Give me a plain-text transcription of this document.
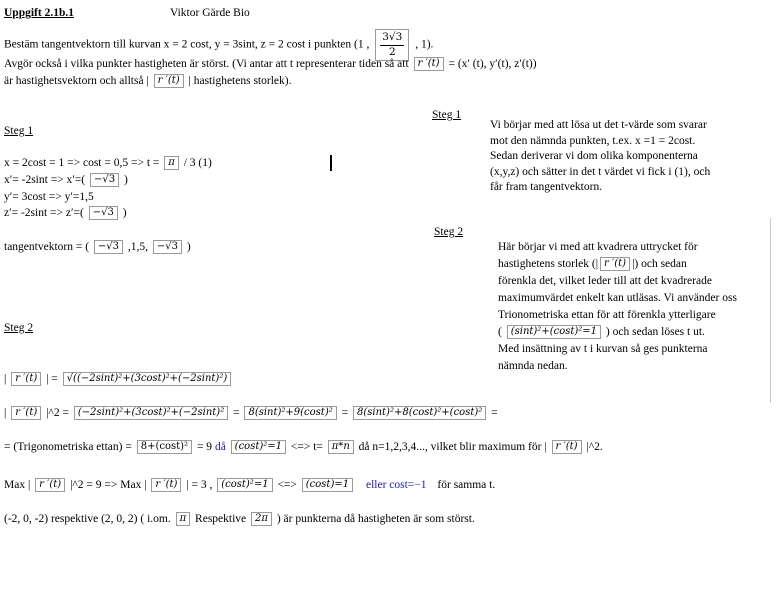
Uppgift 2.1b.1	Viktor Gärde Bio
Bestäm tangentvektorn till kurvan x = 2 cost, y = 3sint, z = 2 cost i punkten (1 , $\frac{3√3}{2}$ , 1).
Avgör också i vilka punkter hastigheten är störst. (Vi antar att t representerar tiden så att r ′(t) = (x′ (t), y′(t), z′(t))
är hastighetsvektorn och alltså | r ′(t) | hastighetens storlek).
Steg 1
x = 2cost = 1 => cost = 0,5 => t = π / 3 (1)
x′= -2sint => x′=( −√3 )
y′= 3cost => y′=1,5
z′= -2sint => z′=( −√3 )
tangentvektorn = ( −√3 ,1,5, −√3 )
Steg 1
Vi börjar med att lösa ut det t-värde som svarar
mot den nämnda punkten, t.ex. x =1 = 2cost.
Sedan deriverar vi dom olika komponenterna
(x,y,z) och sätter in det t värdet vi fick i (1), och
får fram tangentvektorn.
Steg 2
Här börjar vi med att kvadrera uttrycket för
hastighetens storlek (| r ′(t) |) och sedan
förenkla det, vilket leder till att det kvadrerade
maximumvärdet enkelt kan utläsas. Vi använder oss
Trionometriska ettan för att förenkla ytterligare
( (sint)²+(cost)²=1 ) och sedan löses t ut.
Med insättning av t i kurvan så ges punkterna
nämnda nedan.
Steg 2
| r ′(t) | = √((−2sint)²+(3cost)²+(−2sint)²)
| r ′(t) |^2 = (−2sint)²+(3cost)²+(−2sint)² = 8(sint)²+9(cost)² = 8(sint)²+8(cost)²+(cost)² =
= (Trigonometriska ettan) = 8+(cost)² = 9 då (cost)²=1 <=> t= π*n då n=1,2,3,4..., vilket blir maximum för | r ′(t) |^2.
Max | r ′(t) |^2 = 9 => Max | r ′(t) | = 3 , (cost)²=1 <=> (cost)=1 eller cost=−1 för samma t.
(-2, 0, -2) respektive (2, 0, 2) ( i.om. π Respektive 2π ) är punkterna då hastigheten är som störst.
